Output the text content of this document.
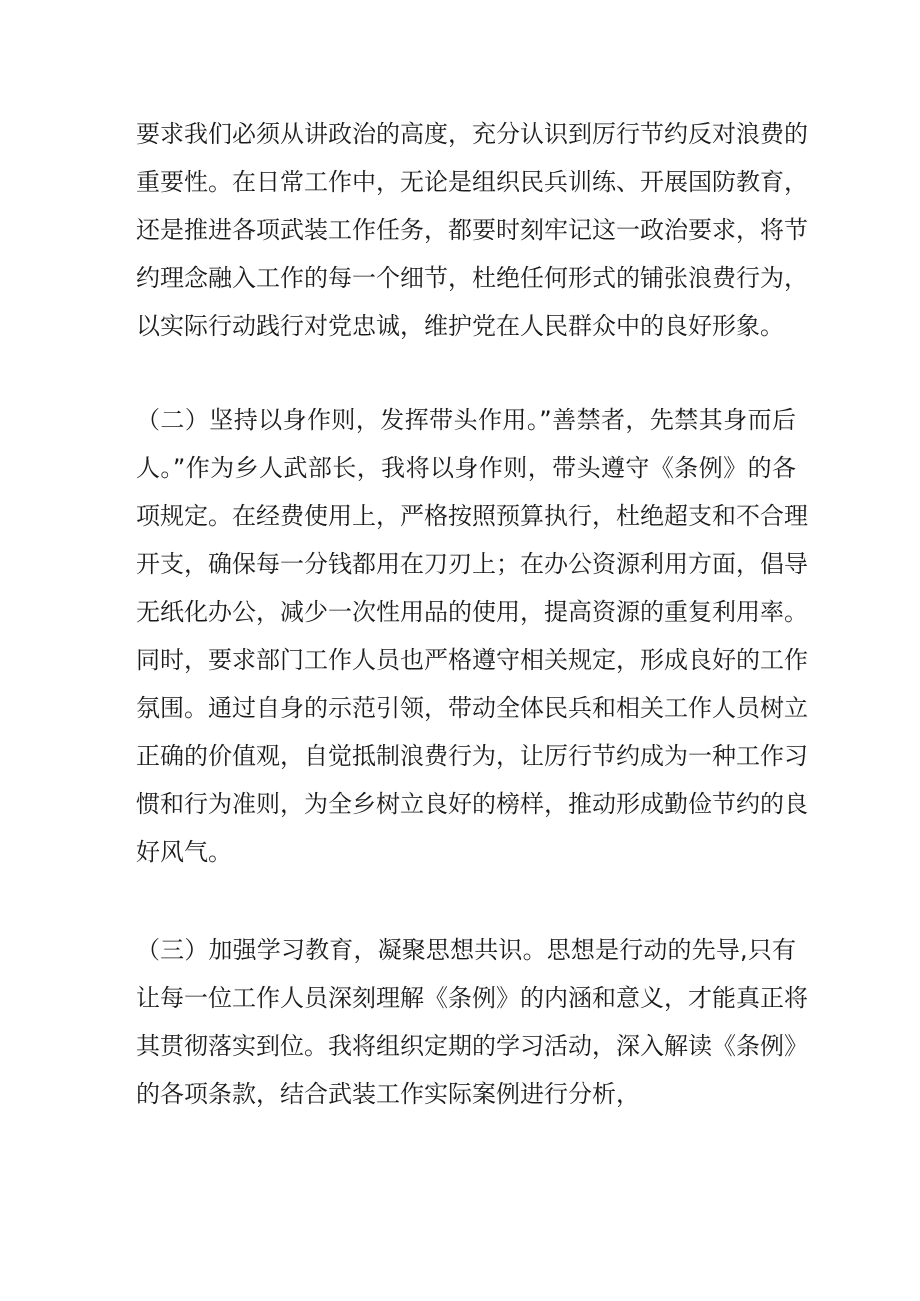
要求我们必须从讲政治的高度，充分认识到厉行节约反对浪费的
重要性。在日常工作中，无论是组织民兵训练、开展国防教育，
还是推进各项武装工作任务，都要时刻牢记这一政治要求，将节
约理念融入工作的每一个细节，杜绝任何形式的铺张浪费行为，
以实际行动践行对党忠诚，维护党在人民群众中的良好形象。
（二）坚持以身作则，发挥带头作用。”善禁者，先禁其身而后
人。”作为乡人武部长，我将以身作则，带头遵守《条例》的各
项规定。在经费使用上，严格按照预算执行，杜绝超支和不合理
开支，确保每一分钱都用在刀刃上；在办公资源利用方面，倡导
无纸化办公，减少一次性用品的使用，提高资源的重复利用率。
同时，要求部门工作人员也严格遵守相关规定，形成良好的工作
氛围。通过自身的示范引领，带动全体民兵和相关工作人员树立
正确的价值观，自觉抵制浪费行为，让厉行节约成为一种工作习
惯和行为准则，为全乡树立良好的榜样，推动形成勤俭节约的良
好风气。
（三）加强学习教育，凝聚思想共识。思想是行动的先导,只有
让每一位工作人员深刻理解《条例》的内涵和意义，才能真正将
其贯彻落实到位。我将组织定期的学习活动，深入解读《条例》
的各项条款，结合武装工作实际案例进行分析，
